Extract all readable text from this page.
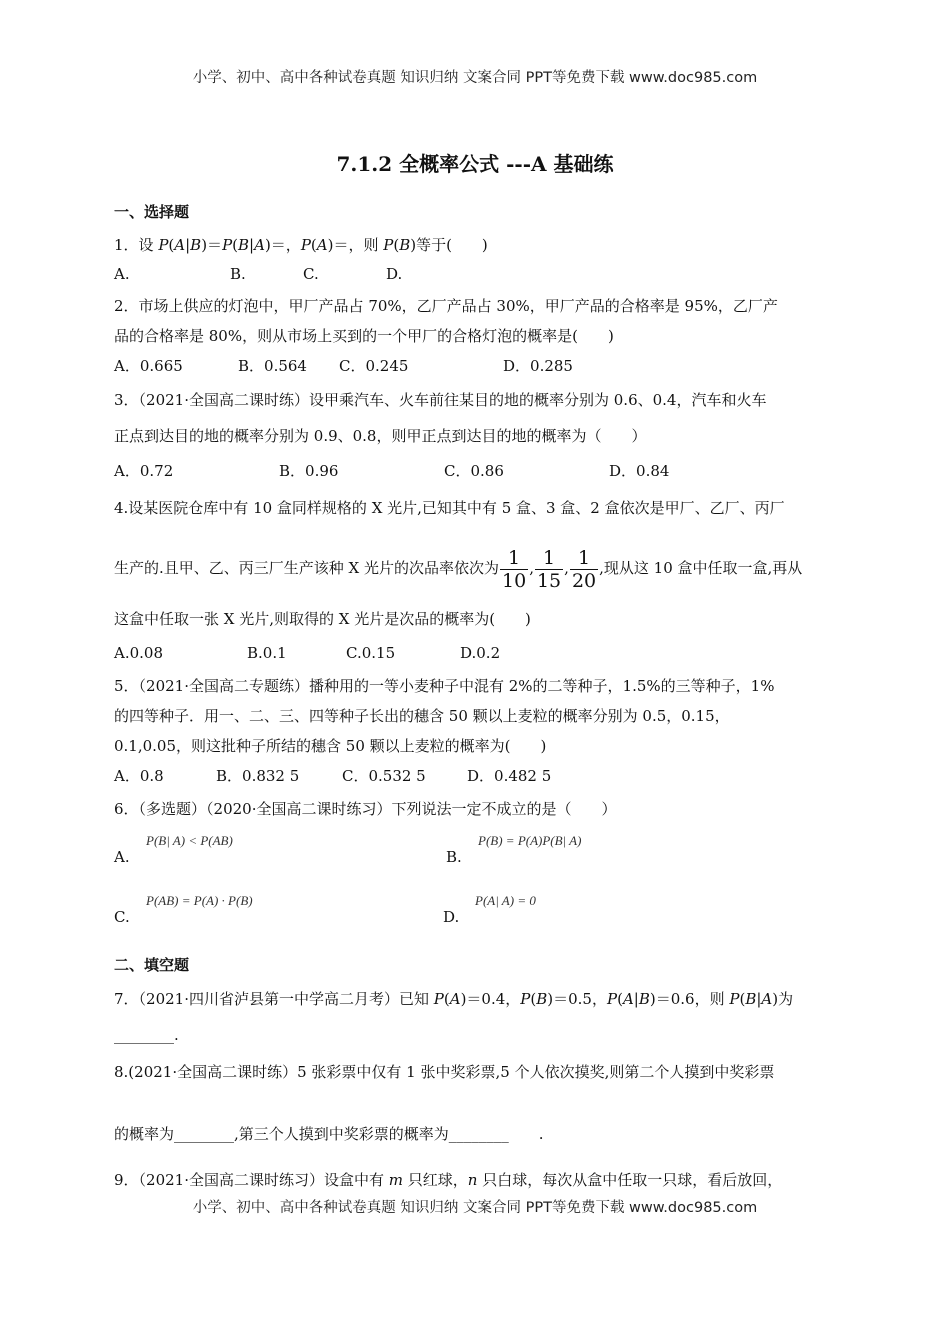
小学、初中、高中各种试卷真题 知识归纳 文案合同 PPT等免费下载 www.doc985.com
7.1.2 全概率公式 ---A 基础练
一、选择题
1．设 P(A|B)＝P(B|A)＝，P(A)＝，则 P(B)等于(　　)
A.	B.	C.	D.
2．市场上供应的灯泡中，甲厂产品占 70%，乙厂产品占 30%，甲厂产品的合格率是 95%，乙厂产
品的合格率是 80%，则从市场上买到的一个甲厂的合格灯泡的概率是(　　)
A．0.665	B．0.564 C．0.245	D．0.285
3．（2021·全国高二课时练）设甲乘汽车、火车前往某目的地的概率分别为 0.6、0.4，汽车和火车
正点到达目的地的概率分别为 0.9、0.8，则甲正点到达目的地的概率为（　　）
A．0.72	B．0.96	C．0.86	D．0.84
4.设某医院仓库中有 10 盒同样规格的 X 光片,已知其中有 5 盒、3 盒、2 盒依次是甲厂、乙厂、丙厂
生产的.且甲、乙、丙三厂生产该种 X 光片的次品率依次为 $\frac{1}{10}$ , $\frac{1}{15}$ , $\frac{1}{20}$ ,现从这 10 盒中任取一盒,再从
这盒中任取一张 X 光片,则取得的 X 光片是次品的概率为(　　)
A.0.08	B.0.1	C.0.15	D.0.2
5．（2021·全国高二专题练）播种用的一等小麦种子中混有 2%的二等种子，1.5%的三等种子，1%
的四等种子．用一、二、三、四等种子长出的穗含 50 颗以上麦粒的概率分别为 0.5，0.15，
0.1,0.05，则这批种子所结的穗含 50 颗以上麦粒的概率为(　　)
A．0.8	B．0.832 5	C．0.532 5	D．0.482 5
6．（多选题）（2020·全国高二课时练习）下列说法一定不成立的是（　　）
P(B| A) < P(AB)
A.
P(B) = P(A)P(B| A)
B.
P(AB) = P(A) · P(B)
C.
P(A| A) = 0
D.
二、填空题
7．（2021·四川省泸县第一中学高二月考）已知 P(A)＝0.4，P(B)＝0.5，P(A|B)＝0.6，则 P(B|A)为
________.
8.(2021·全国高二课时练）5 张彩票中仅有 1 张中奖彩票,5 个人依次摸奖,则第二个人摸到中奖彩票
的概率为________,第三个人摸到中奖彩票的概率为________　　.
9．（2021·全国高二课时练习）设盒中有 m 只红球，n 只白球，每次从盒中任取一只球，看后放回，
小学、初中、高中各种试卷真题 知识归纳 文案合同 PPT等免费下载 www.doc985.com
